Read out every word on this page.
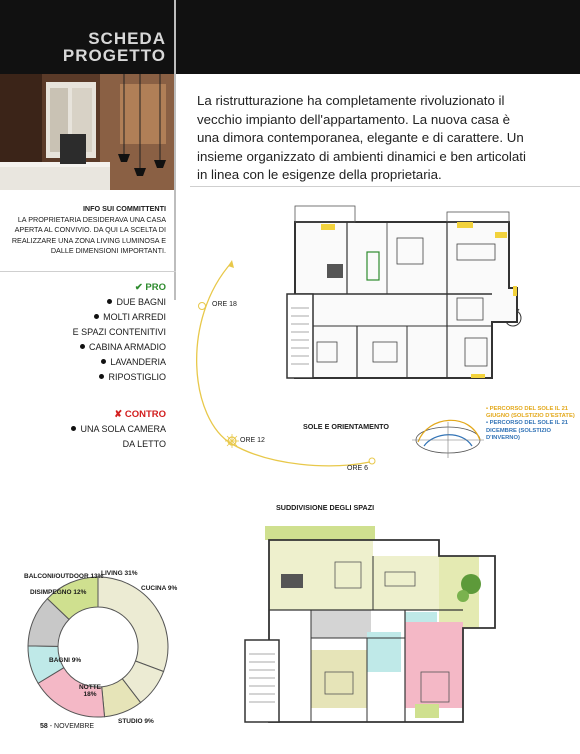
SCHEDA
PROGETTO
La ristrutturazione ha completamente rivoluzionato il vecchio impianto dell'appartamento. La nuova casa è una dimora contemporanea, elegante e di carattere. Un insieme organizzato di ambienti dinamici e ben articolati in linea con le esigenze della proprietaria.
INFO SUI COMMITTENTI
LA PROPRIETARIA DESIDERAVA UNA CASA APERTA AL CONVIVIO. DA QUI LA SCELTA DI REALIZZARE UNA ZONA LIVING LUMINOSA E DALLE DIMENSIONI IMPORTANTI.
✔ PRO
DUE BAGNI
MOLTI ARREDI
E SPAZI CONTENITIVI
CABINA ARMADIO
LAVANDERIA
RIPOSTIGLIO
✘ CONTRO
UNA SOLA CAMERA
DA LETTO
ORE 18
ORE 12
ORE 6
SOLE E ORIENTAMENTO
• PERCORSO DEL SOLE IL 21 GIUGNO (SOLSTIZIO D'ESTATE)
• PERCORSO DEL SOLE IL 21 DICEMBRE (SOLSTIZIO D'INVERNO)
SUDDIVISIONE DEGLI SPAZI
LIVING 31%
CUCINA 9%
STUDIO 9%
NOTTE 18%
BAGNI 9%
DISIMPEGNO 12%
BALCONI/OUTDOOR 13%
58 - NOVEMBRE
